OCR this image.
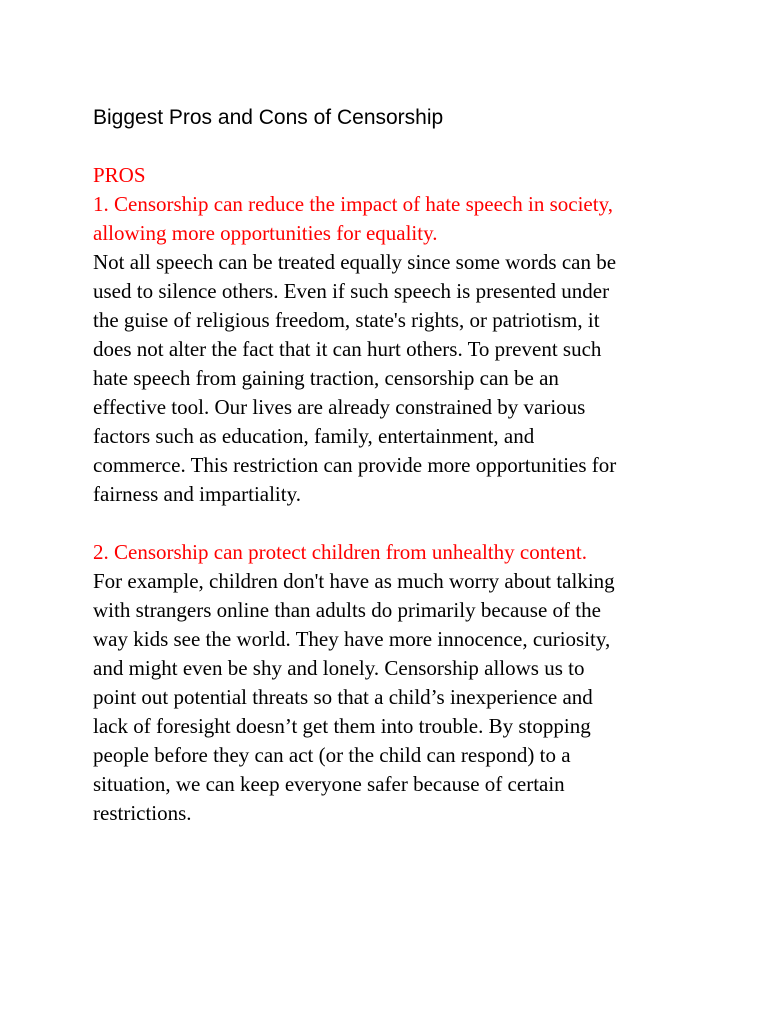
Biggest Pros and Cons of Censorship

PROS

1. Censorship can reduce the impact of hate speech in society,

allowing more opportunities for equality.

Not all speech can be treated equally since some words can be

used to silence others. Even if such speech is presented under

the guise of religious freedom, state's rights, or patriotism, it

does not alter the fact that it can hurt others. To prevent such

hate speech from gaining traction, censorship can be an

effective tool. Our lives are already constrained by various

factors such as education, family, entertainment, and

commerce. This restriction can provide more opportunities for

fairness and impartiality.

2. Censorship can protect children from unhealthy content.

For example, children don't have as much worry about talking

with strangers online than adults do primarily because of the

way kids see the world. They have more innocence, curiosity,

and might even be shy and lonely. Censorship allows us to

point out potential threats so that a child’s inexperience and

lack of foresight doesn’t get them into trouble. By stopping

people before they can act (or the child can respond) to a

situation, we can keep everyone safer because of certain

restrictions.
